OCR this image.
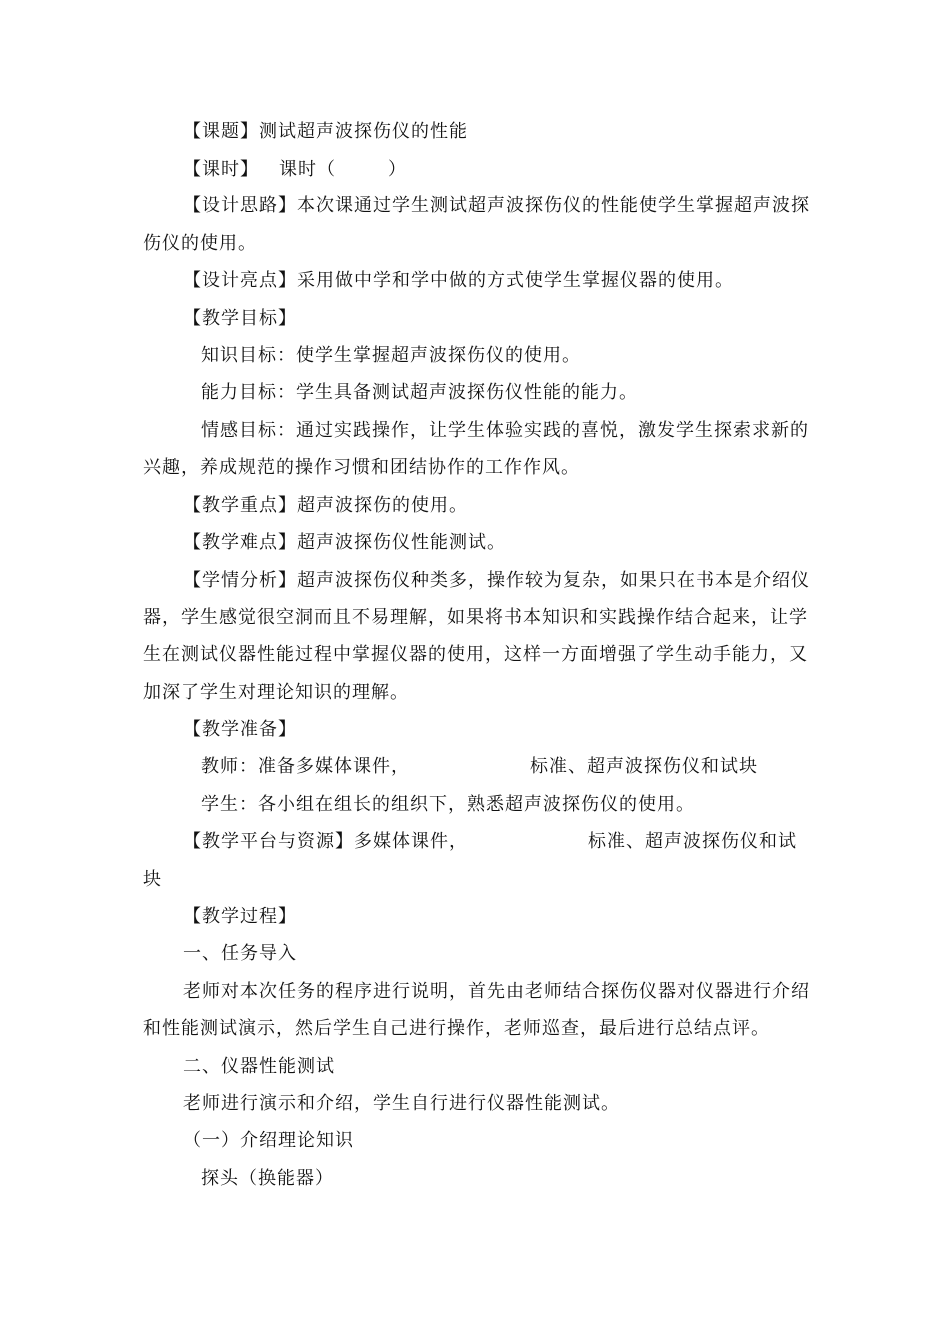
【课题】测试超声波探伤仪的性能
【课时】 课时（	）
【设计思路】本次课通过学生测试超声波探伤仪的性能使学生掌握超声波探
伤仪的使用。
【设计亮点】采用做中学和学中做的方式使学生掌握仪器的使用。
【教学目标】
知识目标：使学生掌握超声波探伤仪的使用。
能力目标：学生具备测试超声波探伤仪性能的能力。
情感目标：通过实践操作，让学生体验实践的喜悦，激发学生探索求新的
兴趣，养成规范的操作习惯和团结协作的工作作风。
【教学重点】超声波探伤的使用。
【教学难点】超声波探伤仪性能测试。
【学情分析】超声波探伤仪种类多，操作较为复杂，如果只在书本是介绍仪
器，学生感觉很空洞而且不易理解，如果将书本知识和实践操作结合起来，让学
生在测试仪器性能过程中掌握仪器的使用，这样一方面增强了学生动手能力，又
加深了学生对理论知识的理解。
【教学准备】
教师：准备多媒体课件，	标准、超声波探伤仪和试块
学生：各小组在组长的组织下，熟悉超声波探伤仪的使用。
【教学平台与资源】多媒体课件，	标准、超声波探伤仪和试
块
【教学过程】
一、任务导入
老师对本次任务的程序进行说明，首先由老师结合探伤仪器对仪器进行介绍
和性能测试演示，然后学生自己进行操作，老师巡查，最后进行总结点评。
二、仪器性能测试
老师进行演示和介绍，学生自行进行仪器性能测试。
（一）介绍理论知识
探头（换能器）
